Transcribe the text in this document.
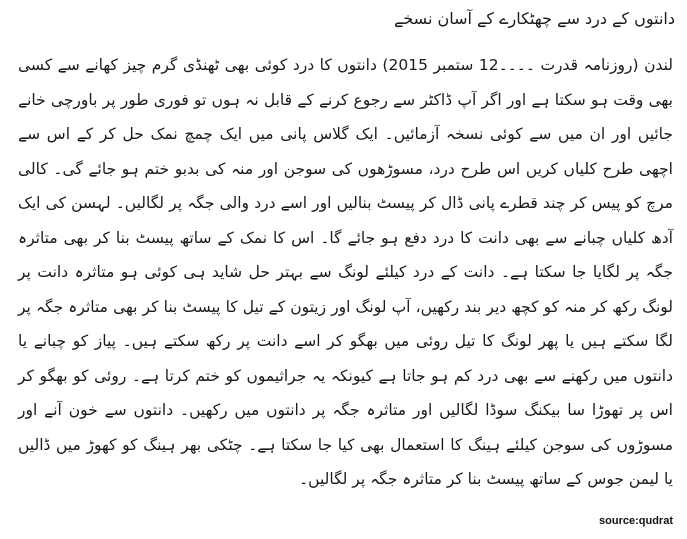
دانتوں کے درد سے چھٹکارے کے آسان نسخے

لندن (روزنامہ قدرت ۔۔۔۔12 ستمبر 2015) دانتوں کا درد کوئی بھی ٹھنڈی گرم چیز کھانے سے کسی بھی وقت ہو سکتا ہے اور اگر آپ ڈاکٹر سے رجوع کرنے کے قابل نہ ہوں تو فوری طور پر باورچی خانے جائیں اور ان میں سے کوئی نسخہ آزمائیں۔ ایک گلاس پانی میں ایک چمچ نمک حل کر کے اس سے اچھی طرح کلیاں کریں اس طرح درد، مسوڑھوں کی سوجن اور منہ کی بدبو ختم ہو جائے گی۔ کالی مرچ کو پیس کر چند قطرے پانی ڈال کر پیسٹ بنالیں اور اسے درد والی جگہ پر لگالیں۔ لہسن کی ایک آدھ کلیاں چبانے سے بھی دانت کا درد دفع ہو جائے گا۔ اس کا نمک کے ساتھ پیسٹ بنا کر بھی متاثرہ جگہ پر لگایا جا سکتا ہے۔ دانت کے درد کیلئے لونگ سے بہتر حل شاید ہی کوئی ہو متاثرہ دانت پر لونگ رکھ کر منہ کو کچھ دیر بند رکھیں، آپ لونگ اور زیتون کے تیل کا پیسٹ بنا کر بھی متاثرہ جگہ پر لگا سکتے ہیں یا پھر لونگ کا تیل روئی میں بھگو کر اسے دانت پر رکھ سکتے ہیں۔ پیاز کو چبانے یا دانتوں میں رکھنے سے بھی درد کم ہو جاتا ہے کیونکہ یہ جراثیموں کو ختم کرتا ہے۔ روئی کو بھگو کر اس پر تھوڑا سا بیکنگ سوڈا لگالیں اور متاثرہ جگہ پر دانتوں میں رکھیں۔ دانتوں سے خون آنے اور مسوڑوں کی سوجن کیلئے ہینگ کا استعمال بھی کیا جا سکتا ہے۔ چٹکی بھر ہینگ کو کھوڑ میں ڈالیں یا لیمن جوس کے ساتھ پیسٹ بنا کر متاثرہ جگہ پر لگالیں۔

source:qudrat
